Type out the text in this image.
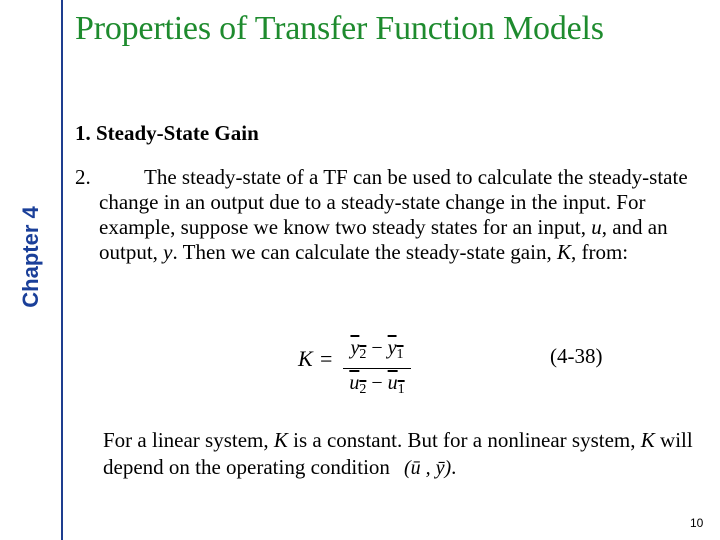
Chapter 4
Properties of Transfer Function Models
1. Steady-State Gain
2.	The steady-state of a TF can be used to calculate the steady-state change in an output due to a steady-state change in the input. For example, suppose we know two steady states for an input, u, and an output, y. Then we can calculate the steady-state gain, K, from:
$K = y_2 - y_1$
$u_2 - u_1$
(4-38)
For a linear system, K is a constant. But for a nonlinear system, K will depend on the operating condition (ū , ȳ).
10
